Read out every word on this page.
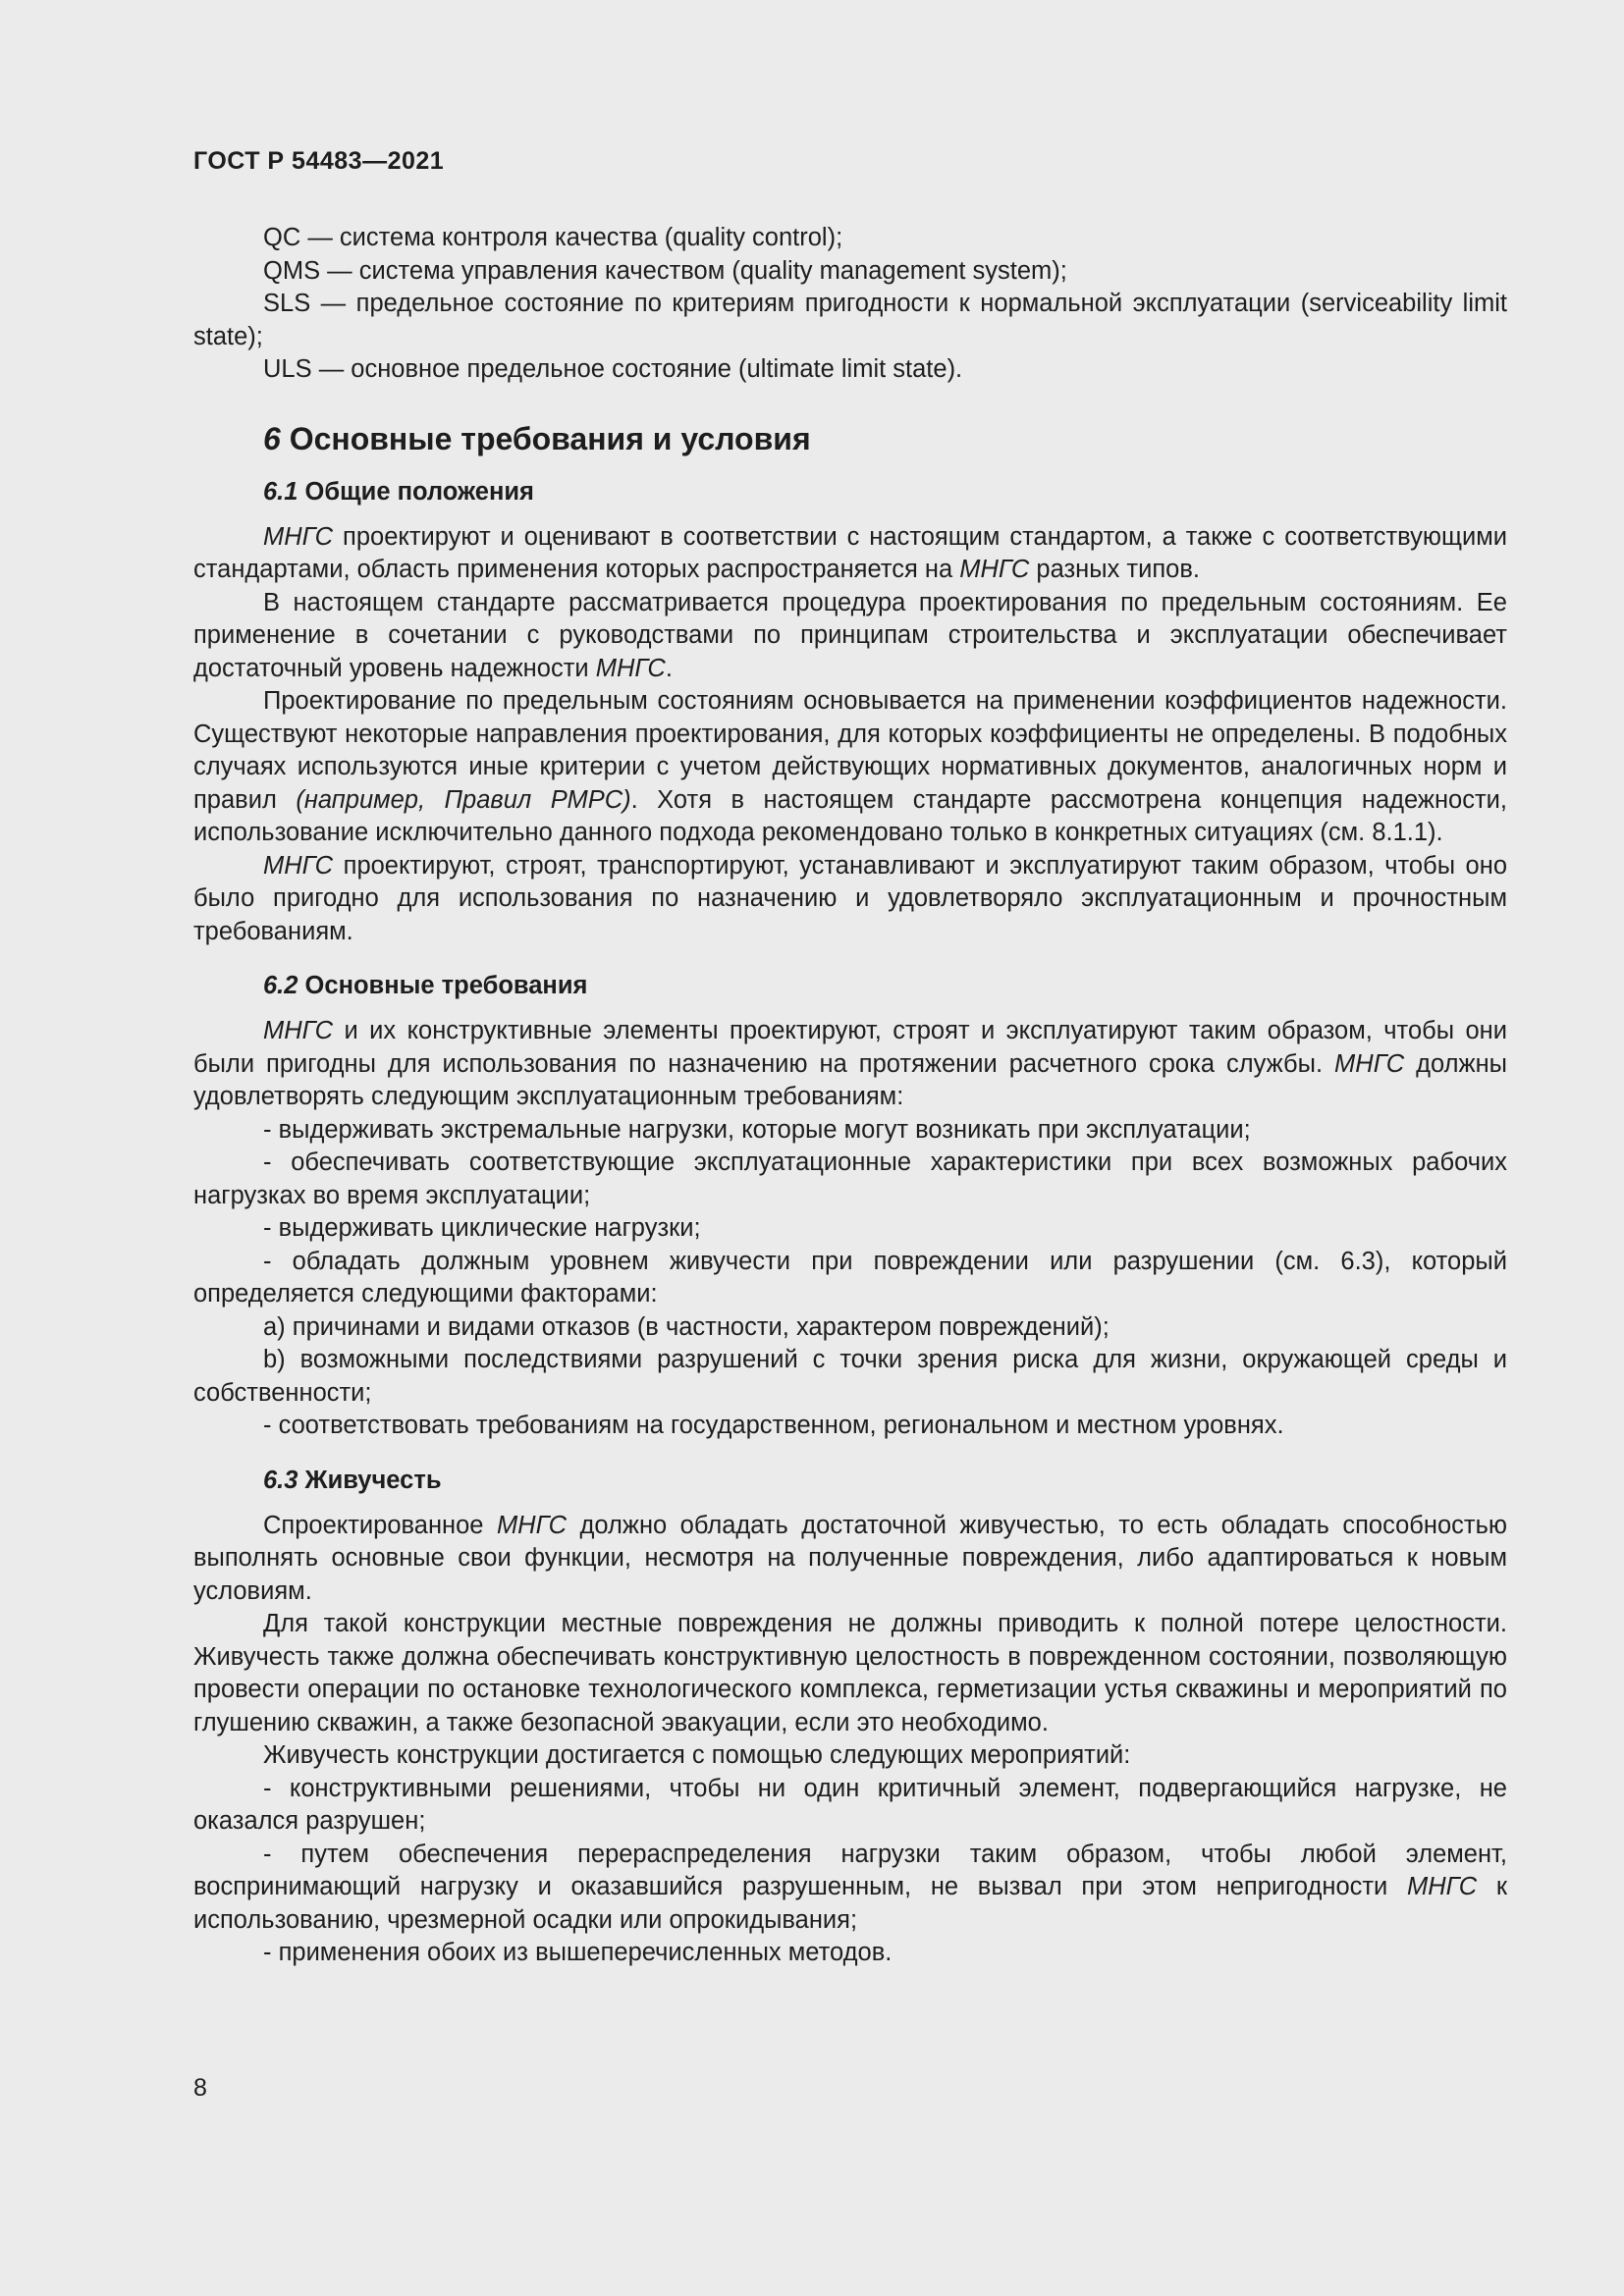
ГОСТ Р 54483—2021

QC — система контроля качества (quality control);

QMS — система управления качеством (quality management system);

SLS — предельное состояние по критериям пригодности к нормальной эксплуатации (serviceability limit state);

ULS — основное предельное состояние (ultimate limit state).

6 Основные требования и условия
6.1 Общие положения

МНГС проектируют и оценивают в соответствии с настоящим стандартом, а также с соответствующими стандартами, область применения которых распространяется на МНГС разных типов.

В настоящем стандарте рассматривается процедура проектирования по предельным состояниям. Ее применение в сочетании с руководствами по принципам строительства и эксплуатации обеспечивает достаточный уровень надежности МНГС.

Проектирование по предельным состояниям основывается на применении коэффициентов надежности. Существуют некоторые направления проектирования, для которых коэффициенты не определены. В подобных случаях используются иные критерии с учетом действующих нормативных документов, аналогичных норм и правил (например, Правил РМРС). Хотя в настоящем стандарте рассмотрена концепция надежности, использование исключительно данного подхода рекомендовано только в конкретных ситуациях (см. 8.1.1).

МНГС проектируют, строят, транспортируют, устанавливают и эксплуатируют таким образом, чтобы оно было пригодно для использования по назначению и удовлетворяло эксплуатационным и прочностным требованиям.

6.2 Основные требования

МНГС и их конструктивные элементы проектируют, строят и эксплуатируют таким образом, чтобы они были пригодны для использования по назначению на протяжении расчетного срока службы. МНГС должны удовлетворять следующим эксплуатационным требованиям:

- выдерживать экстремальные нагрузки, которые могут возникать при эксплуатации;

- обеспечивать соответствующие эксплуатационные характеристики при всех возможных рабочих нагрузках во время эксплуатации;

- выдерживать циклические нагрузки;

- обладать должным уровнем живучести при повреждении или разрушении (см. 6.3), который определяется следующими факторами:

a) причинами и видами отказов (в частности, характером повреждений);

b) возможными последствиями разрушений с точки зрения риска для жизни, окружающей среды и собственности;

- соответствовать требованиям на государственном, региональном и местном уровнях.

6.3 Живучесть

Спроектированное МНГС должно обладать достаточной живучестью, то есть обладать способностью выполнять основные свои функции, несмотря на полученные повреждения, либо адаптироваться к новым условиям.

Для такой конструкции местные повреждения не должны приводить к полной потере целостности. Живучесть также должна обеспечивать конструктивную целостность в поврежденном состоянии, позволяющую провести операции по остановке технологического комплекса, герметизации устья скважины и мероприятий по глушению скважин, а также безопасной эвакуации, если это необходимо.

Живучесть конструкции достигается с помощью следующих мероприятий:

- конструктивными решениями, чтобы ни один критичный элемент, подвергающийся нагрузке, не оказался разрушен;

- путем обеспечения перераспределения нагрузки таким образом, чтобы любой элемент, воспринимающий нагрузку и оказавшийся разрушенным, не вызвал при этом непригодности МНГС к использованию, чрезмерной осадки или опрокидывания;

- применения обоих из вышеперечисленных методов.

8
